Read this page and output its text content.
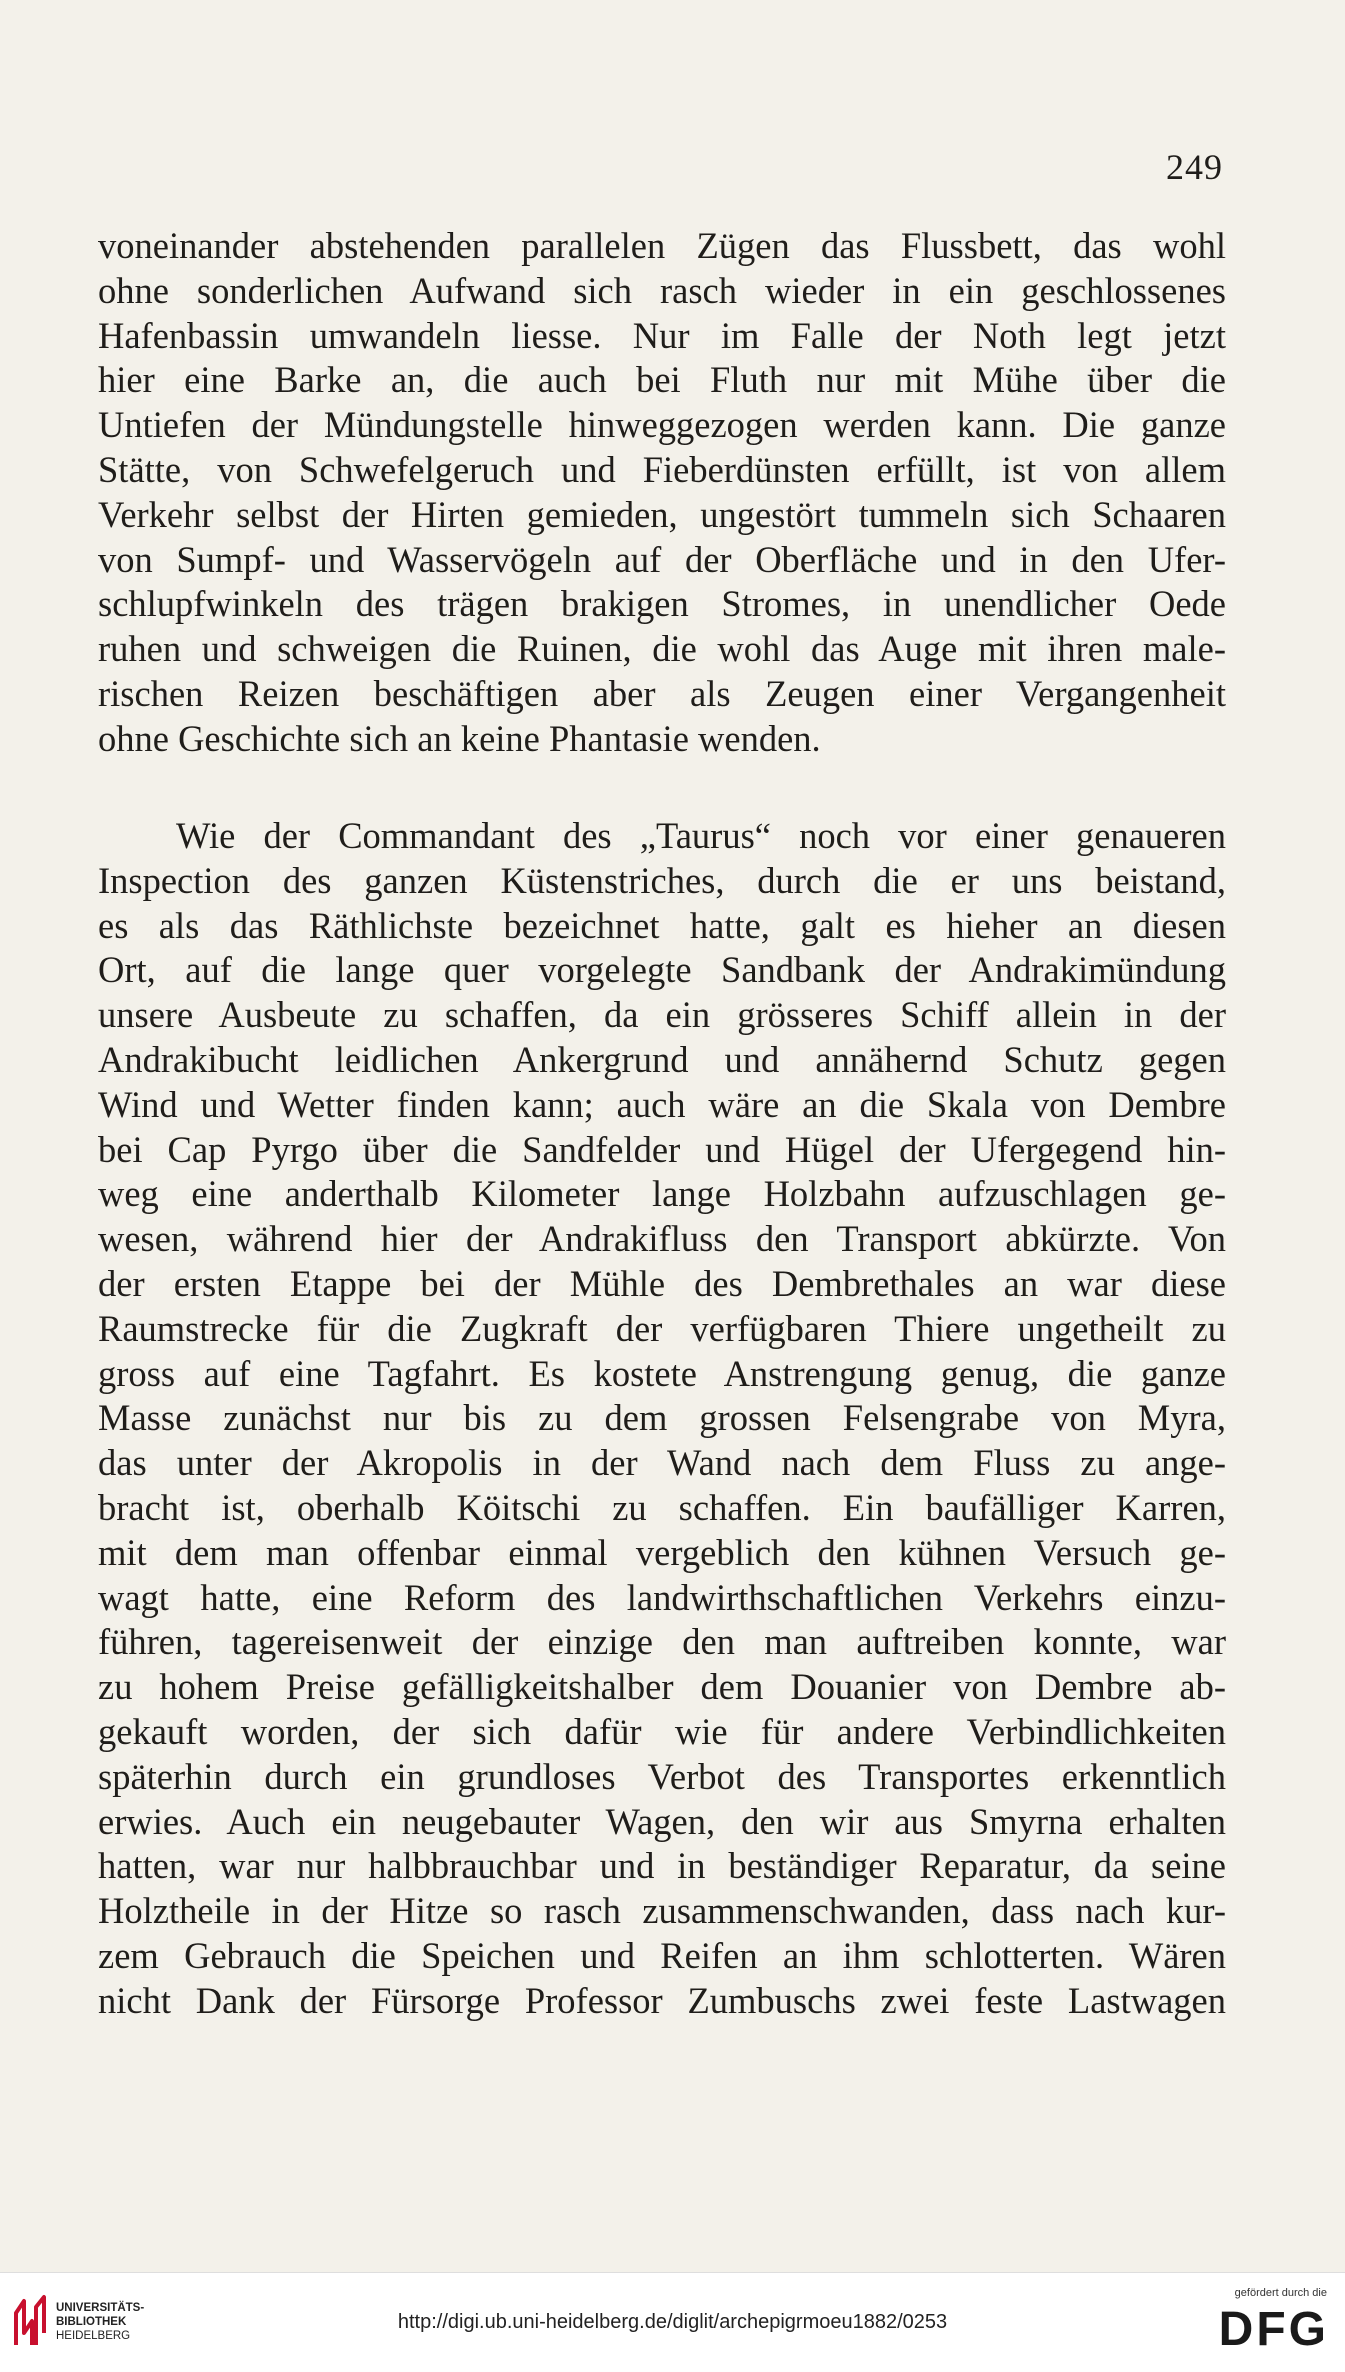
249
voneinander abstehenden parallelen Zügen das Flussbett, das wohl
ohne sonderlichen Aufwand sich rasch wieder in ein geschlossenes
Hafenbassin umwandeln liesse. Nur im Falle der Noth legt jetzt
hier eine Barke an, die auch bei Fluth nur mit Mühe über die
Untiefen der Mündungstelle hinweggezogen werden kann. Die ganze
Stätte, von Schwefelgeruch und Fieberdünsten erfüllt, ist von allem
Verkehr selbst der Hirten gemieden, ungestört tummeln sich Schaaren
von Sumpf- und Wasservögeln auf der Oberfläche und in den Ufer-
schlupfwinkeln des trägen brakigen Stromes, in unendlicher Oede
ruhen und schweigen die Ruinen, die wohl das Auge mit ihren male-
rischen Reizen beschäftigen aber als Zeugen einer Vergangenheit
ohne Geschichte sich an keine Phantasie wenden.
Wie der Commandant des „Taurus“ noch vor einer genaueren
Inspection des ganzen Küstenstriches, durch die er uns beistand,
es als das Räthlichste bezeichnet hatte, galt es hieher an diesen
Ort, auf die lange quer vorgelegte Sandbank der Andrakimündung
unsere Ausbeute zu schaffen, da ein grösseres Schiff allein in der
Andrakibucht leidlichen Ankergrund und annähernd Schutz gegen
Wind und Wetter finden kann; auch wäre an die Skala von Dembre
bei Cap Pyrgo über die Sandfelder und Hügel der Ufergegend hin-
weg eine anderthalb Kilometer lange Holzbahn aufzuschlagen ge-
wesen, während hier der Andrakifluss den Transport abkürzte. Von
der ersten Etappe bei der Mühle des Dembrethales an war diese
Raumstrecke für die Zugkraft der verfügbaren Thiere ungetheilt zu
gross auf eine Tagfahrt. Es kostete Anstrengung genug, die ganze
Masse zunächst nur bis zu dem grossen Felsengrabe von Myra,
das unter der Akropolis in der Wand nach dem Fluss zu ange-
bracht ist, oberhalb Köitschi zu schaffen. Ein baufälliger Karren,
mit dem man offenbar einmal vergeblich den kühnen Versuch ge-
wagt hatte, eine Reform des landwirthschaftlichen Verkehrs einzu-
führen, tagereisenweit der einzige den man auftreiben konnte, war
zu hohem Preise gefälligkeitshalber dem Douanier von Dembre ab-
gekauft worden, der sich dafür wie für andere Verbindlichkeiten
späterhin durch ein grundloses Verbot des Transportes erkenntlich
erwies. Auch ein neugebauter Wagen, den wir aus Smyrna erhalten
hatten, war nur halbbrauchbar und in beständiger Reparatur, da seine
Holztheile in der Hitze so rasch zusammenschwanden, dass nach kur-
zem Gebrauch die Speichen und Reifen an ihm schlotterten. Wären
nicht Dank der Fürsorge Professor Zumbuschs zwei feste Lastwagen
UNIVERSITÄTS-
BIBLIOTHEK
HEIDELBERG
http://digi.ub.uni-heidelberg.de/diglit/archepigrmoeu1882/0253
gefördert durch die
DFG
